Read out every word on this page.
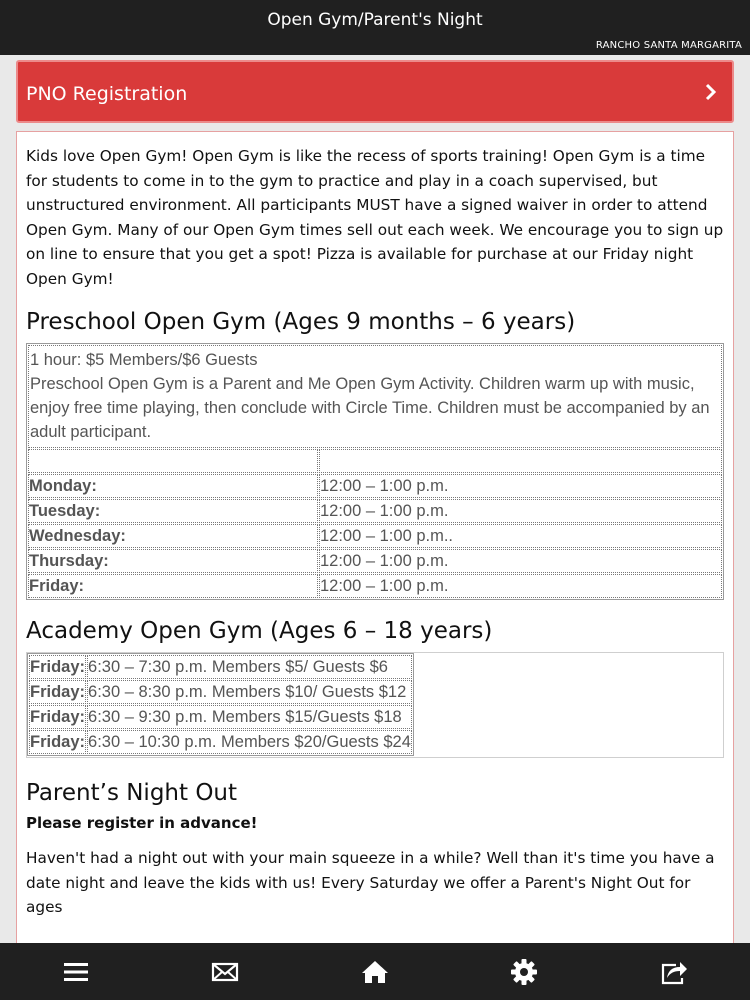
Open Gym/Parent's Night
RANCHO SANTA MARGARITA
PNO Registration

Kids love Open Gym! Open Gym is like the recess of sports training! Open Gym is a time for students to come in to the gym to practice and play in a coach supervised, but unstructured environment. All participants MUST have a signed waiver in order to attend Open Gym. Many of our Open Gym times sell out each week. We encourage you to sign up on line to ensure that you get a spot! Pizza is available for purchase at our Friday night Open Gym!

Preschool Open Gym (Ages 9 months – 6 years)
1 hour: $5 Members/$6 Guests
Preschool Open Gym is a Parent and Me Open Gym Activity. Children warm up with music, enjoy free time playing, then conclude with Circle Time. Children must be accompanied by an adult participant.	

Monday:	12:00 – 1:00 p.m.
Tuesday:	12:00 – 1:00 p.m.
Wednesday:	12:00 – 1:00 p.m..
Thursday:	12:00 – 1:00 p.m.
Friday:	12:00 – 1:00 p.m.
Academy Open Gym (Ages 6 – 18 years)
Friday:	6:30 – 7:30 p.m. Members $5/ Guests $6
Friday:	6:30 – 8:30 p.m. Members $10/ Guests $12
Friday:	6:30 – 9:30 p.m. Members $15/Guests $18
Friday:	6:30 – 10:30 p.m. Members $20/Guests $24
Parent’s Night Out

Please register in advance!

Haven't had a night out with your main squeeze in a while? Well than it's time you have a date night and leave the kids with us! Every Saturday we offer a Parent's Night Out for ages
